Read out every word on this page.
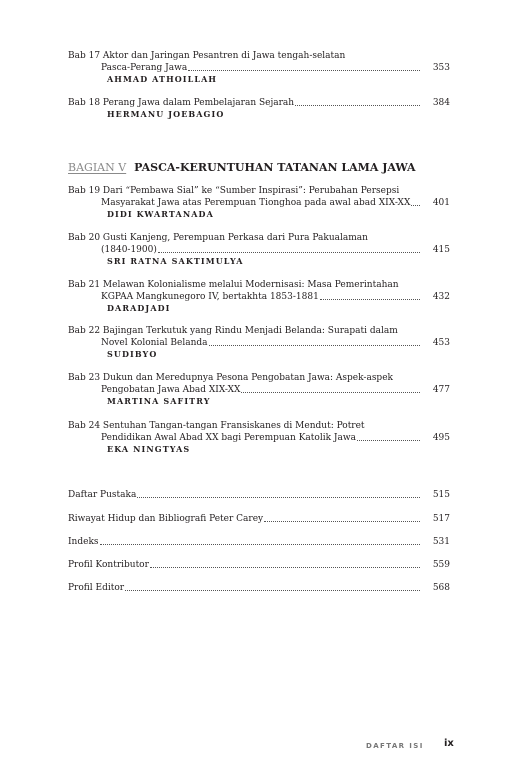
Bab 17 Aktor dan Jaringan Pesantren di Jawa tengah-selatan
Pasca-Perang Jawa	353
AHMAD ATHOILLAH
Bab 18 Perang Jawa dalam Pembelajaran Sejarah	384
HERMANU JOEBAGIO
BAGIAN V PASCA-KERUNTUHAN TATANAN LAMA JAWA
Bab 19 Dari “Pembawa Sial” ke “Sumber Inspirasi”: Perubahan Persepsi
Masyarakat Jawa atas Perempuan Tionghoa pada awal abad XIX-XX	401
DIDI KWARTANADA
Bab 20 Gusti Kanjeng, Perempuan Perkasa dari Pura Pakualaman
(1840-1900)	415
SRI RATNA SAKTIMULYA
Bab 21 Melawan Kolonialisme melalui Modernisasi: Masa Pemerintahan
KGPAA Mangkunegoro IV, bertakhta 1853-1881	432
DARADJADI
Bab 22 Bajingan Terkutuk yang Rindu Menjadi Belanda: Surapati dalam
Novel Kolonial Belanda	453
SUDIBYO
Bab 23 Dukun dan Meredupnya Pesona Pengobatan Jawa: Aspek-aspek
Pengobatan Jawa Abad XIX-XX	477
MARTINA SAFITRY
Bab 24 Sentuhan Tangan-tangan Fransiskanes di Mendut: Potret
Pendidikan Awal Abad XX bagi Perempuan Katolik Jawa	495
EKA NINGTYAS
Daftar Pustaka	515
Riwayat Hidup dan Bibliografi Peter Carey	517
Indeks	531
Profil Kontributor	559
Profil Editor	568
DAFTAR ISI ix
